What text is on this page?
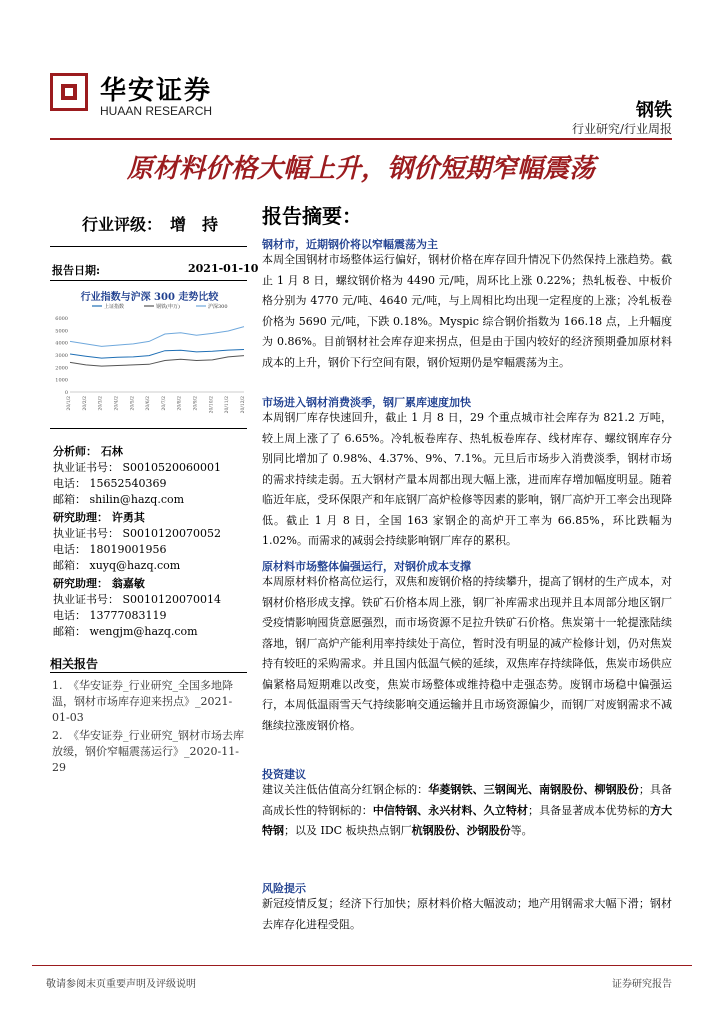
华安证券
HUAAN RESEARCH	钢铁
行业研究/行业周报
原材料价格大幅上升，钢价短期窄幅震荡
行业评级： 增　持
报告日期:	2021-01-10
行业指数与沪深 300 走势比较
上证指数	钢铁(申万)	沪深300
6000
5000
4000
3000
2000
1000
0
20/1/2 20/2/2 20/3/2 20/4/2 20/5/2 20/6/2 20/7/2 20/8/2 20/9/2 20/10/2 20/11/2 20/12/2
分析师： 石林
执业证书号： S0010520060001
电话： 15652540369
邮箱： shilin@hazq.com
研究助理： 许勇其
执业证书号： S0010120070052
电话： 18019001956
邮箱： xuyq@hazq.com
研究助理： 翁嘉敏
执业证书号： S0010120070014
电话： 13777083119
邮箱： wengjm@hazq.com
相关报告
1.　《华安证券_行业研究_全国多地降温，钢材市场库存迎来拐点》_2021-01-03
2.　《华安证券_行业研究_钢材市场去库放缓，钢价窄幅震荡运行》_2020-11-29
报告摘要：
钢材市，近期钢价将以窄幅震荡为主
本周全国钢材市场整体运行偏好，钢材价格在库存回升情况下仍然保持上涨趋势。截止 1 月 8 日，螺纹钢价格为 4490 元/吨，周环比上涨 0.22%；热轧板卷、中板价格分别为 4770 元/吨、4640 元/吨，与上周相比均出现一定程度的上涨；冷轧板卷价格为 5690 元/吨，下跌 0.18%。Myspic 综合钢价指数为 166.18 点，上升幅度为 0.86%。目前钢材社会库存迎来拐点，但是由于国内较好的经济预期叠加原材料成本的上升，钢价下行空间有限，钢价短期仍是窄幅震荡为主。
市场进入钢材消费淡季，钢厂累库速度加快
本周钢厂库存快速回升，截止 1 月 8 日，29 个重点城市社会库存为 821.2 万吨，较上周上涨了了 6.65%。冷轧板卷库存、热轧板卷库存、线材库存、螺纹钢库存分别同比增加了 0.98%、4.37%、9%、7.1%。元旦后市场步入消费淡季，钢材市场的需求持续走弱。五大钢材产量本周都出现大幅上涨，进而库存增加幅度明显。随着临近年底，受环保限产和年底钢厂高炉检修等因素的影响，钢厂高炉开工率会出现降低。截止 1 月 8 日，全国 163 家钢企的高炉开工率为 66.85%，环比跌幅为 1.02%。而需求的减弱会持续影响钢厂库存的累积。
原材料市场整体偏强运行，对钢价成本支撑
本周原材料价格高位运行，双焦和废钢价格的持续攀升，提高了钢材的生产成本，对钢材价格形成支撑。铁矿石价格本周上涨，钢厂补库需求出现并且本周部分地区钢厂受疫情影响囤货意愿强烈，而市场资源不足拉升铁矿石价格。焦炭第十一轮提涨陆续落地，钢厂高炉产能利用率持续处于高位，暂时没有明显的减产检修计划，仍对焦炭持有较旺的采购需求。并且国内低温气候的延续，双焦库存持续降低，焦炭市场供应偏紧格局短期难以改变，焦炭市场整体或维持稳中走强态势。废钢市场稳中偏强运行，本周低温雨雪天气持续影响交通运输并且市场资源偏少，而钢厂对废钢需求不减继续拉涨废钢价格。
投资建议
建议关注低估值高分红钢企标的：华菱钢铁、三钢闽光、南钢股份、柳钢股份；具备高成长性的特钢标的：中信特钢、永兴材料、久立特材；具备显著成本优势标的方大特钢；以及 IDC 板块热点钢厂杭钢股份、沙钢股份等。
风险提示
新冠疫情反复；经济下行加快；原材料价格大幅波动；地产用钢需求大幅下滑；钢材去库存化进程受阻。
敬请参阅末页重要声明及评级说明	证券研究报告
